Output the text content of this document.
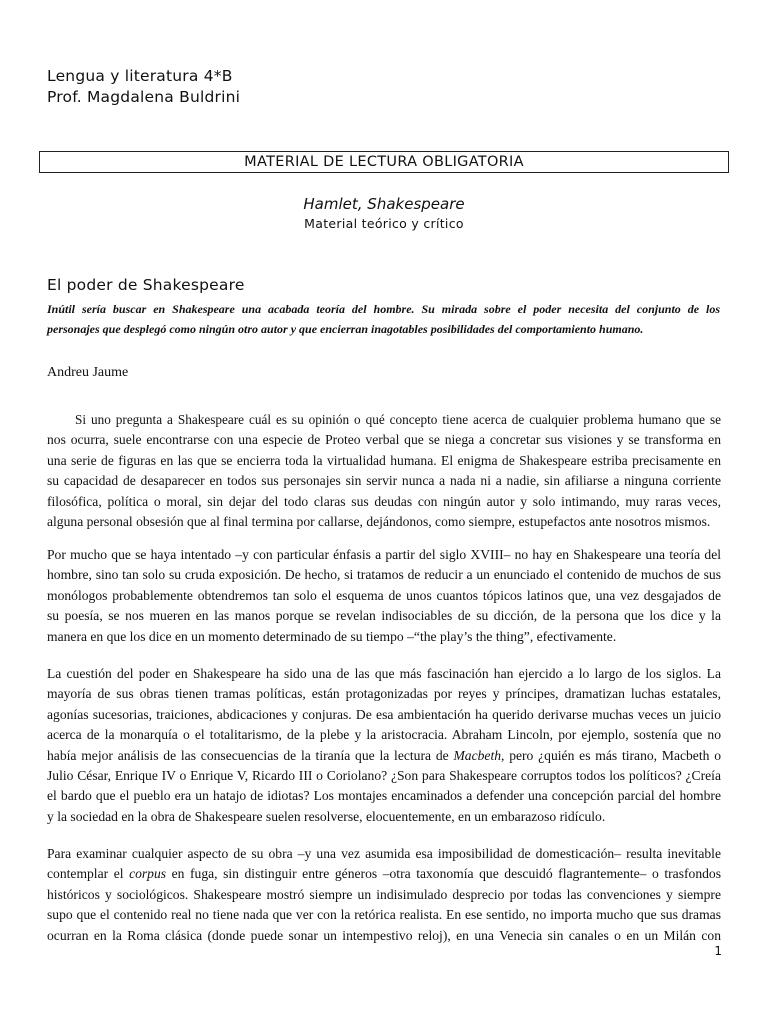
Lengua y literatura 4*B
Prof. Magdalena Buldrini
MATERIAL DE LECTURA OBLIGATORIA
Hamlet, Shakespeare
Material teórico y crítico
El poder de Shakespeare
Inútil sería buscar en Shakespeare una acabada teoría del hombre. Su mirada sobre el poder necesita del conjunto de los
personajes que desplegó como ningún otro autor y que encierran inagotables posibilidades del comportamiento humano.
Andreu Jaume
Si uno pregunta a Shakespeare cuál es su opinión o qué concepto tiene acerca de cualquier problema humano que se
nos ocurra, suele encontrarse con una especie de Proteo verbal que se niega a concretar sus visiones y se transforma en
una serie de figuras en las que se encierra toda la virtualidad humana. El enigma de Shakespeare estriba precisamente en
su capacidad de desaparecer en todos sus personajes sin servir nunca a nada ni a nadie, sin afiliarse a ninguna corriente
filosófica, política o moral, sin dejar del todo claras sus deudas con ningún autor y solo intimando, muy raras veces,
alguna personal obsesión que al final termina por callarse, dejándonos, como siempre, estupefactos ante nosotros mismos.
Por mucho que se haya intentado –y con particular énfasis a partir del siglo XVIII– no hay en Shakespeare una teoría del
hombre, sino tan solo su cruda exposición. De hecho, si tratamos de reducir a un enunciado el contenido de muchos de sus
monólogos probablemente obtendremos tan solo el esquema de unos cuantos tópicos latinos que, una vez desgajados de
su poesía, se nos mueren en las manos porque se revelan indisociables de su dicción, de la persona que los dice y la
manera en que los dice en un momento determinado de su tiempo –“the play’s the thing”, efectivamente.
La cuestión del poder en Shakespeare ha sido una de las que más fascinación han ejercido a lo largo de los siglos. La
mayoría de sus obras tienen tramas políticas, están protagonizadas por reyes y príncipes, dramatizan luchas estatales,
agonías sucesorias, traiciones, abdicaciones y conjuras. De esa ambientación ha querido derivarse muchas veces un juicio
acerca de la monarquía o el totalitarismo, de la plebe y la aristocracia. Abraham Lincoln, por ejemplo, sostenía que no
había mejor análisis de las consecuencias de la tiranía que la lectura de Macbeth, pero ¿quién es más tirano, Macbeth o
Julio César, Enrique IV o Enrique V, Ricardo III o Coriolano? ¿Son para Shakespeare corruptos todos los políticos? ¿Creía
el bardo que el pueblo era un hatajo de idiotas? Los montajes encaminados a defender una concepción parcial del hombre
y la sociedad en la obra de Shakespeare suelen resolverse, elocuentemente, en un embarazoso ridículo.
Para examinar cualquier aspecto de su obra –y una vez asumida esa imposibilidad de domesticación– resulta inevitable
contemplar el corpus en fuga, sin distinguir entre géneros –otra taxonomía que descuidó flagrantemente– o trasfondos
históricos y sociológicos. Shakespeare mostró siempre un indisimulado desprecio por todas las convenciones y siempre
supo que el contenido real no tiene nada que ver con la retórica realista. En ese sentido, no importa mucho que sus dramas
ocurran en la Roma clásica (donde puede sonar un intempestivo reloj), en una Venecia sin canales o en un Milán con
1
